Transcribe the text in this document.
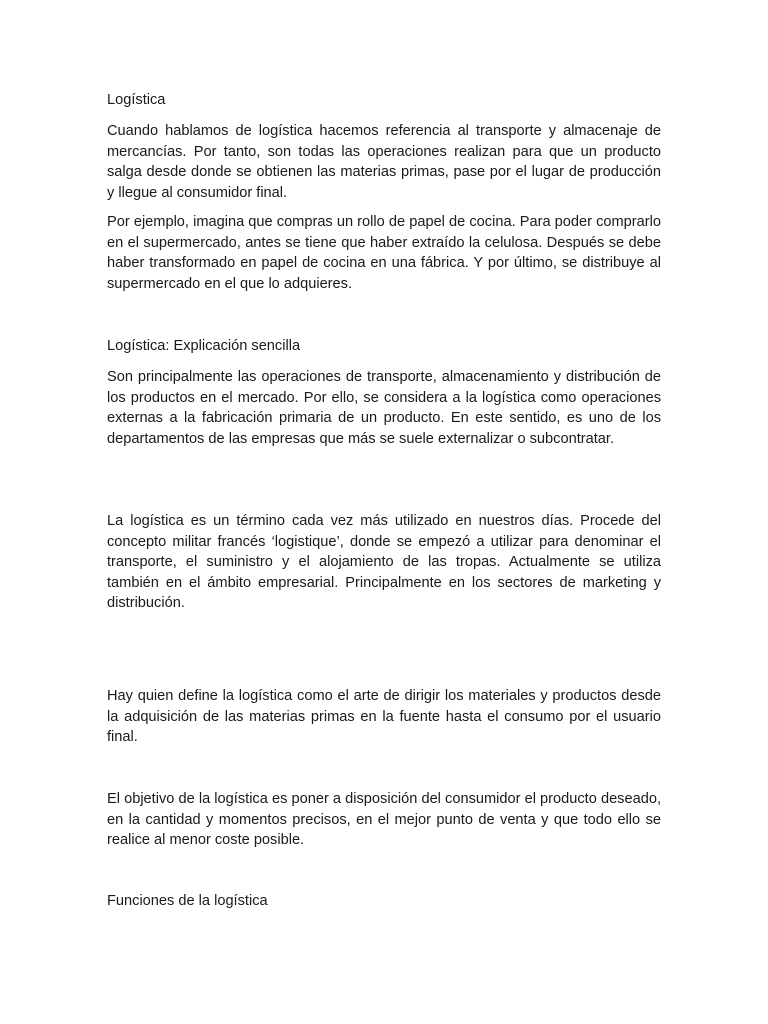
Logística

Cuando hablamos de logística hacemos referencia al transporte y almacenaje de mercancías. Por tanto, son todas las operaciones realizan para que un producto salga desde donde se obtienen las materias primas, pase por el lugar de producción y llegue al consumidor final.

Por ejemplo, imagina que compras un rollo de papel de cocina. Para poder comprarlo en el supermercado, antes se tiene que haber extraído la celulosa. Después se debe haber transformado en papel de cocina en una fábrica. Y por último, se distribuye al supermercado en el que lo adquieres.

Logística: Explicación sencilla

Son principalmente las operaciones de transporte, almacenamiento y distribución de los productos en el mercado. Por ello, se considera a la logística como operaciones externas a la fabricación primaria de un producto. En este sentido, es uno de los departamentos de las empresas que más se suele externalizar o subcontratar.

La logística es un término cada vez más utilizado en nuestros días. Procede del concepto militar francés ‘logistique’, donde se empezó a utilizar para denominar el transporte, el suministro y el alojamiento de las tropas. Actualmente se utiliza también en el ámbito empresarial. Principalmente en los sectores de marketing y distribución.

Hay quien define la logística como el arte de dirigir los materiales y productos desde la adquisición de las materias primas en la fuente hasta el consumo por el usuario final.

El objetivo de la logística es poner a disposición del consumidor el producto deseado, en la cantidad y momentos precisos, en el mejor punto de venta y que todo ello se realice al menor coste posible.

Funciones de la logística
